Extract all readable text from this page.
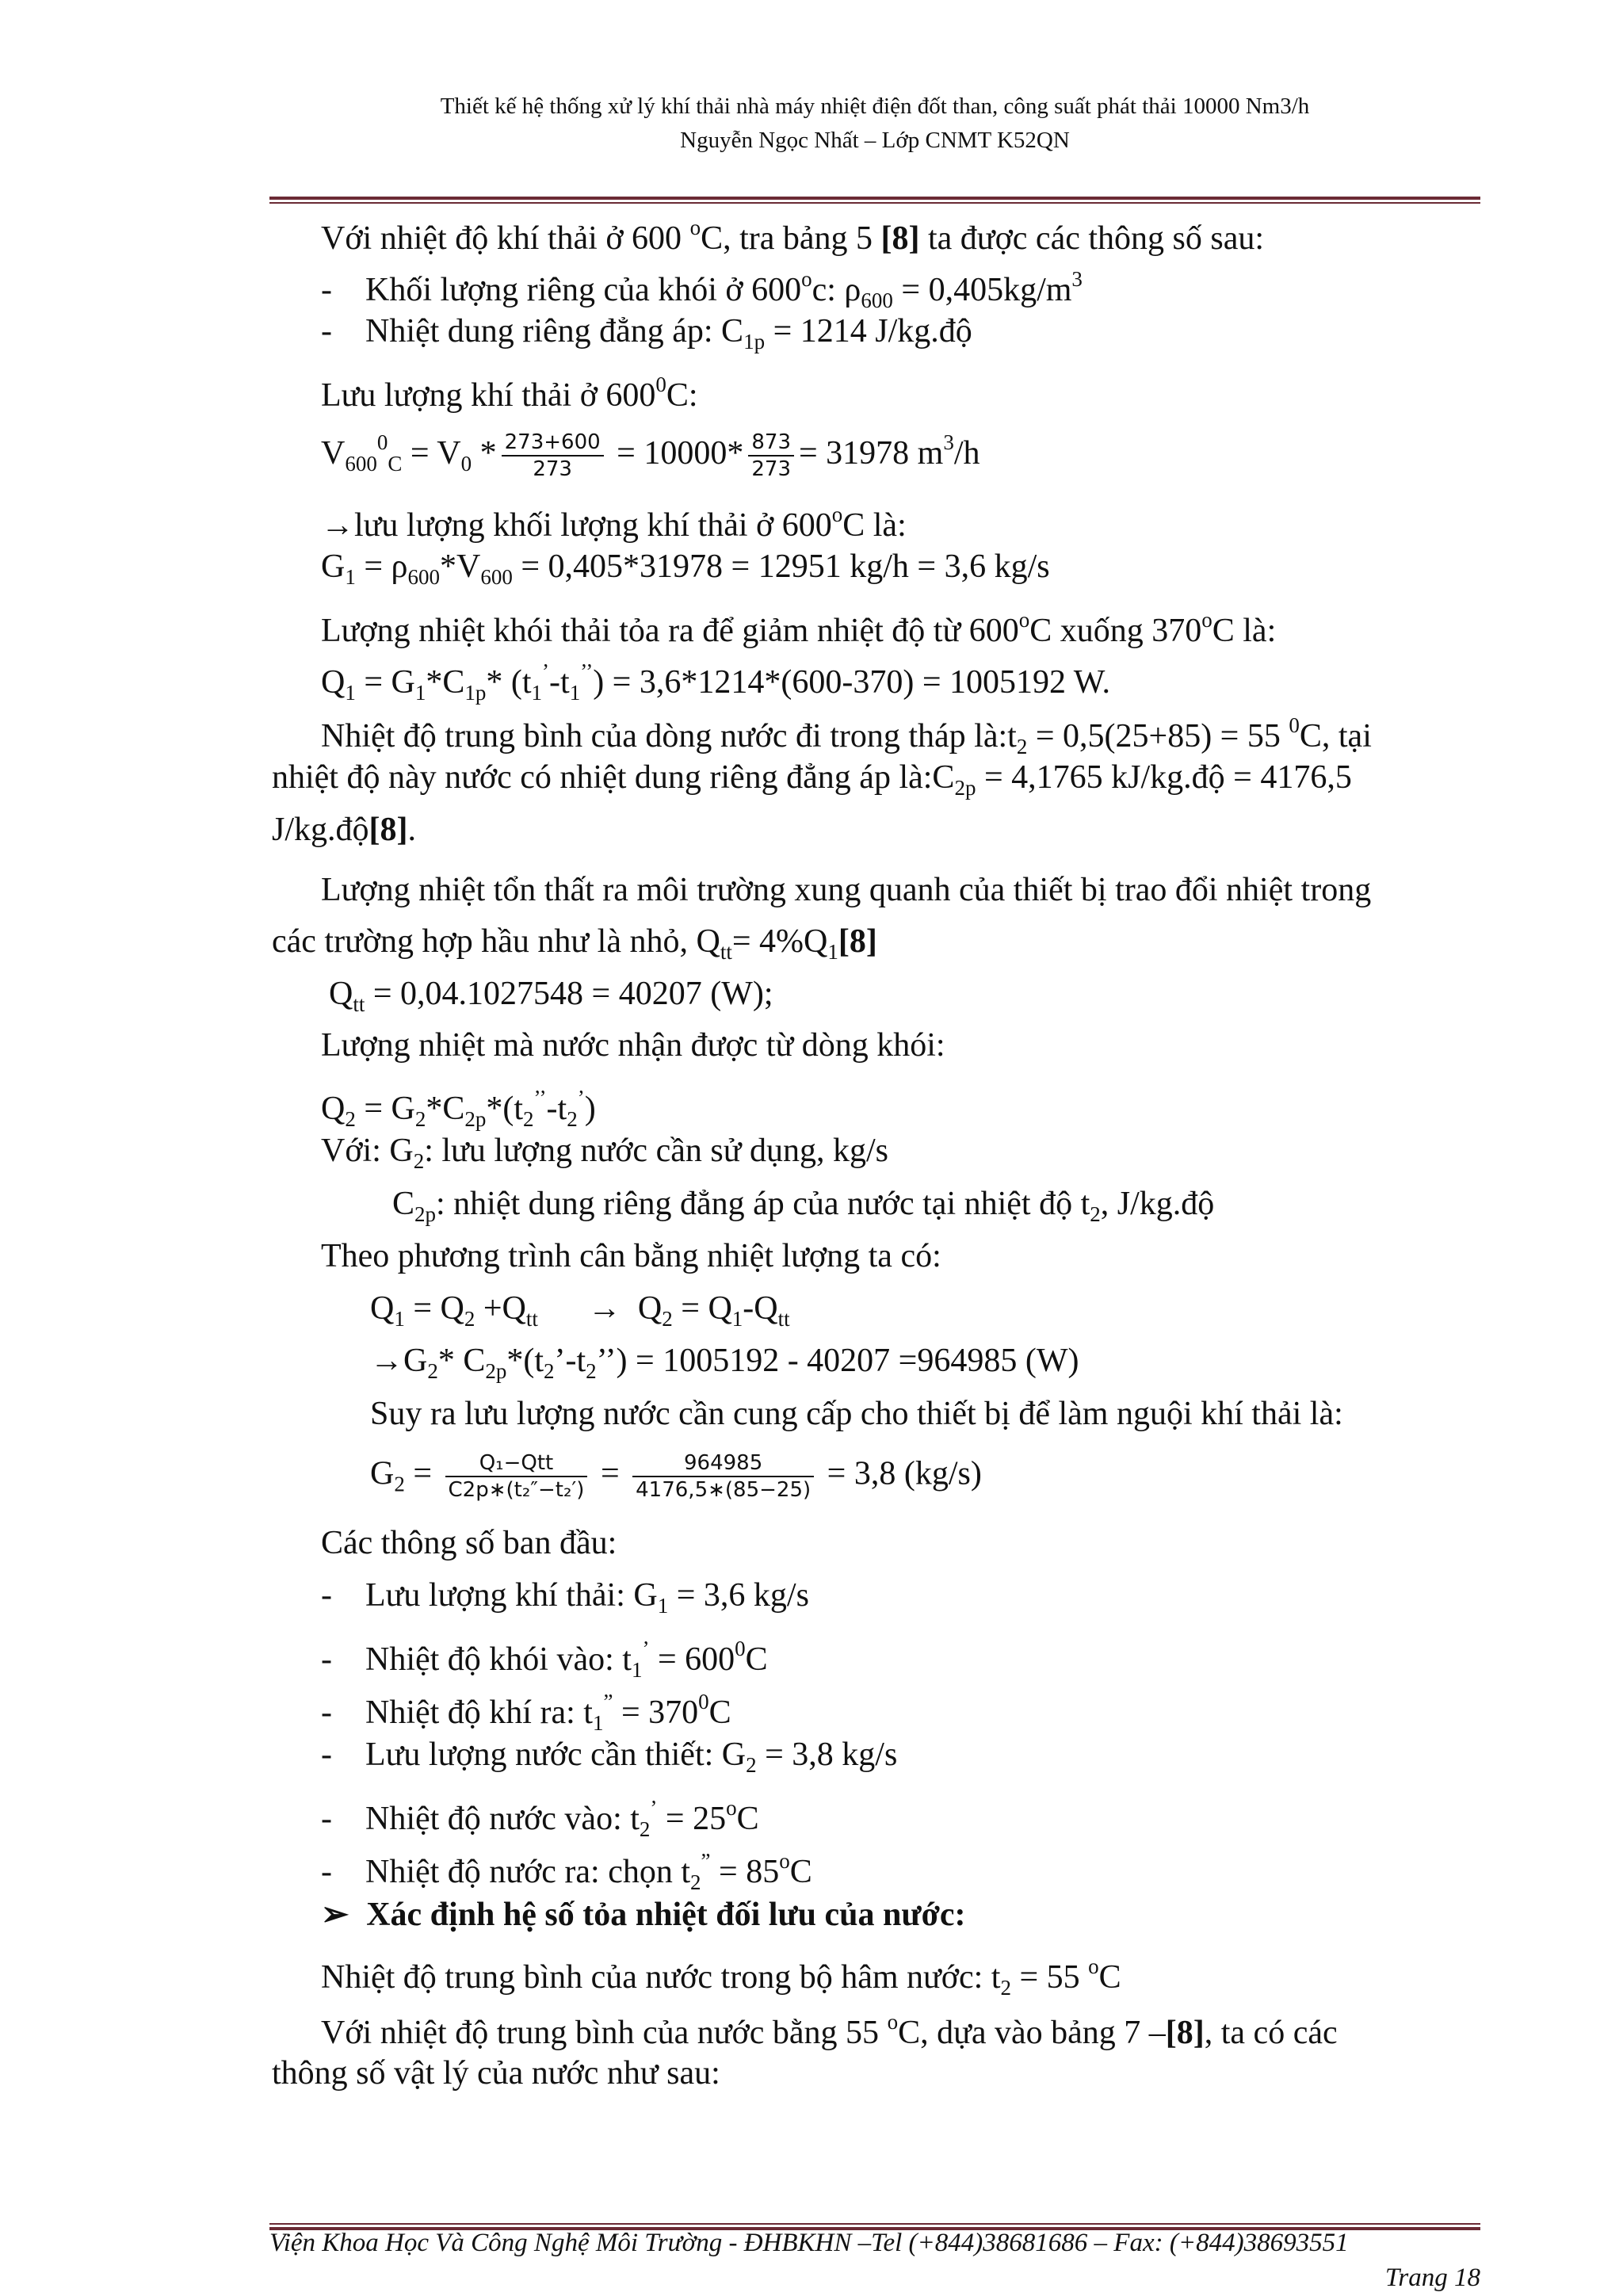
Thiết kế hệ thống xử lý khí thải nhà máy nhiệt điện đốt than, công suất phát thải 10000 Nm3/h
Nguyễn Ngọc Nhất – Lớp CNMT K52QN
Với nhiệt độ khí thải ở 600 $^o$C, tra bảng 5 [8] ta được các thông số sau:
- Khối lượng riêng của khói ở 600$^o$c: $\rho_{600} = 0,405kg/m^3$
- Nhiệt dung riêng đẳng áp: $C_{1p} = 1214$ J/kg.độ
Lưu lượng khí thải ở $600^0C$:
$V_{600}^0_C = V_0 * \frac{273+600}{273} = 10000* \frac{873}{273} = 31978$ $m^3/h$
→lưu lượng khối lượng khí thải ở 600$^o$C là:
$G_1 = \rho_{600}*V_{600} = 0,405*31978 = 12951$ kg/h = 3,6 kg/s
Lượng nhiệt khói thải tỏa ra để giảm nhiệt độ từ 600$^o$C xuống 370$^o$C là:
$Q_1 = G_1*C_{1p}*$ $(t_1^’-t_1^{’’}) = 3,6*1214*(600-370) = 1005192$ W.
Nhiệt độ trung bình của dòng nước đi trong tháp $là:t_2 = 0,5(25+85) = 55$ $^0$C, tại
nhiệt độ này nước có nhiệt dung riêng đẳng áp $là:C_{2p} = 4,1765$ kJ/kg.độ = 4176,5
J/kg.độ[8].
Lượng nhiệt tổn thất ra môi trường xung quanh của thiết bị trao đổi nhiệt trong
các trường hợp hầu như là nhỏ, $Q_{tt}= 4\%Q_1[8]$
$Q_{tt} = 0,04.1027548 = 40207$ (W);
Lượng nhiệt mà nước nhận được từ dòng khói:
$Q_2 = G_2*C_{2p}*(t_2^{’’}-t_2^’)$
Với: $G_2$: lưu lượng nước cần sử dụng, kg/s
$C_{2p}$: nhiệt dung riêng đẳng áp của nước tại nhiệt độ $t_2$, J/kg.độ
Theo phương trình cân bằng nhiệt lượng ta có:
$Q_1 = Q_2 +Q_{tt}$      →  $Q_2 = Q_1-Q_{tt}$
$\to G_2*$ $C_{2p}*(t_2’-t_2’’) = 1005192 - 40207 =964985$ (W)
Suy ra lưu lượng nước cần cung cấp cho thiết bị để làm nguội khí thải là:
$G_2 = \frac{\text{Q₁−Qtt}}{\text{C2p∗(t₂″−t₂′)}} = \frac{964985}{4176,5∗(85-25)} = 3,8$ (kg/s)
Các thông số ban đầu:
- Lưu lượng khí thải: $G_1 = 3,6$ kg/s
- Nhiệt độ khói vào: $t_1^’ = 600^0C$
- Nhiệt độ khí ra: $t_1^” = 370^0C$
- Lưu lượng nước cần thiết: $G_2 = 3,8$ kg/s
- Nhiệt độ nước vào: $t_2^’ = 25^oC$
- Nhiệt độ nước ra: chọn $t_2^” = 85^oC$
➢ Xác định hệ số tỏa nhiệt đối lưu của nước:
Nhiệt độ trung bình của nước trong bộ hâm nước: $t_2 = 55$ $^o$C
Với nhiệt độ trung bình của nước bằng 55 $^o$C, dựa vào bảng 7 –[8], ta có các
thông số vật lý của nước như sau:
Viện Khoa Học Và Công Nghệ Môi Trường - ĐHBKHN –Tel (+844)38681686 – Fax: (+844)38693551
Trang 18
